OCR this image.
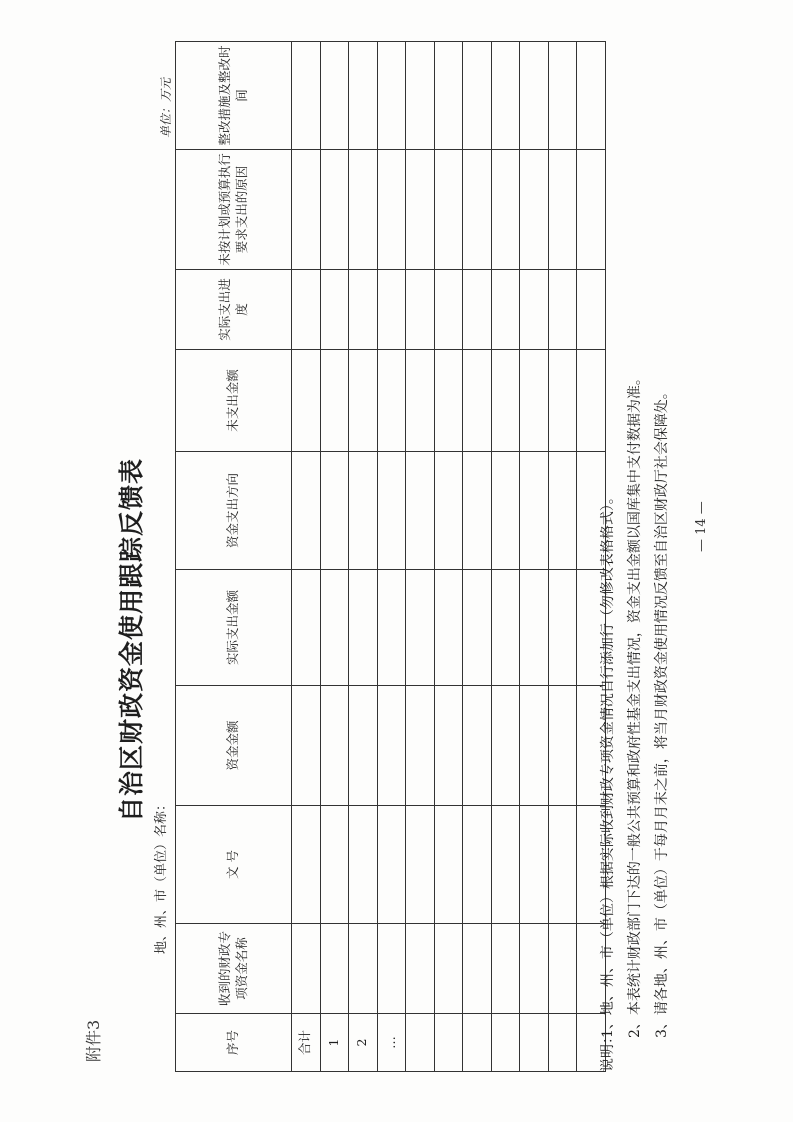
附件3
自治区财政资金使用跟踪反馈表
地、州、市（单位）名称：
单位：万元
序号	收到的财政专项资金名称	文 号	资金金额	实际支出金额	资金支出方向	未支出金额	实际支出进度	未按计划或预算执行要求支出的原因	整改措施及整改时间
合计									
1									
2									
…									

										说明：
1、地、州、市（单位）根据实际收到财政专项资金情况自行添加行（勿修改表格格式）。 2、本表统计财政部门下达的一般公共预算和政府性基金支出情况，资金支出金额以国库集中支付数据为准。 3、请各地、州、市（单位）于每月月末之前，将当月财政资金使用情况反馈至自治区财政厅社会保障处。 — 14 —
